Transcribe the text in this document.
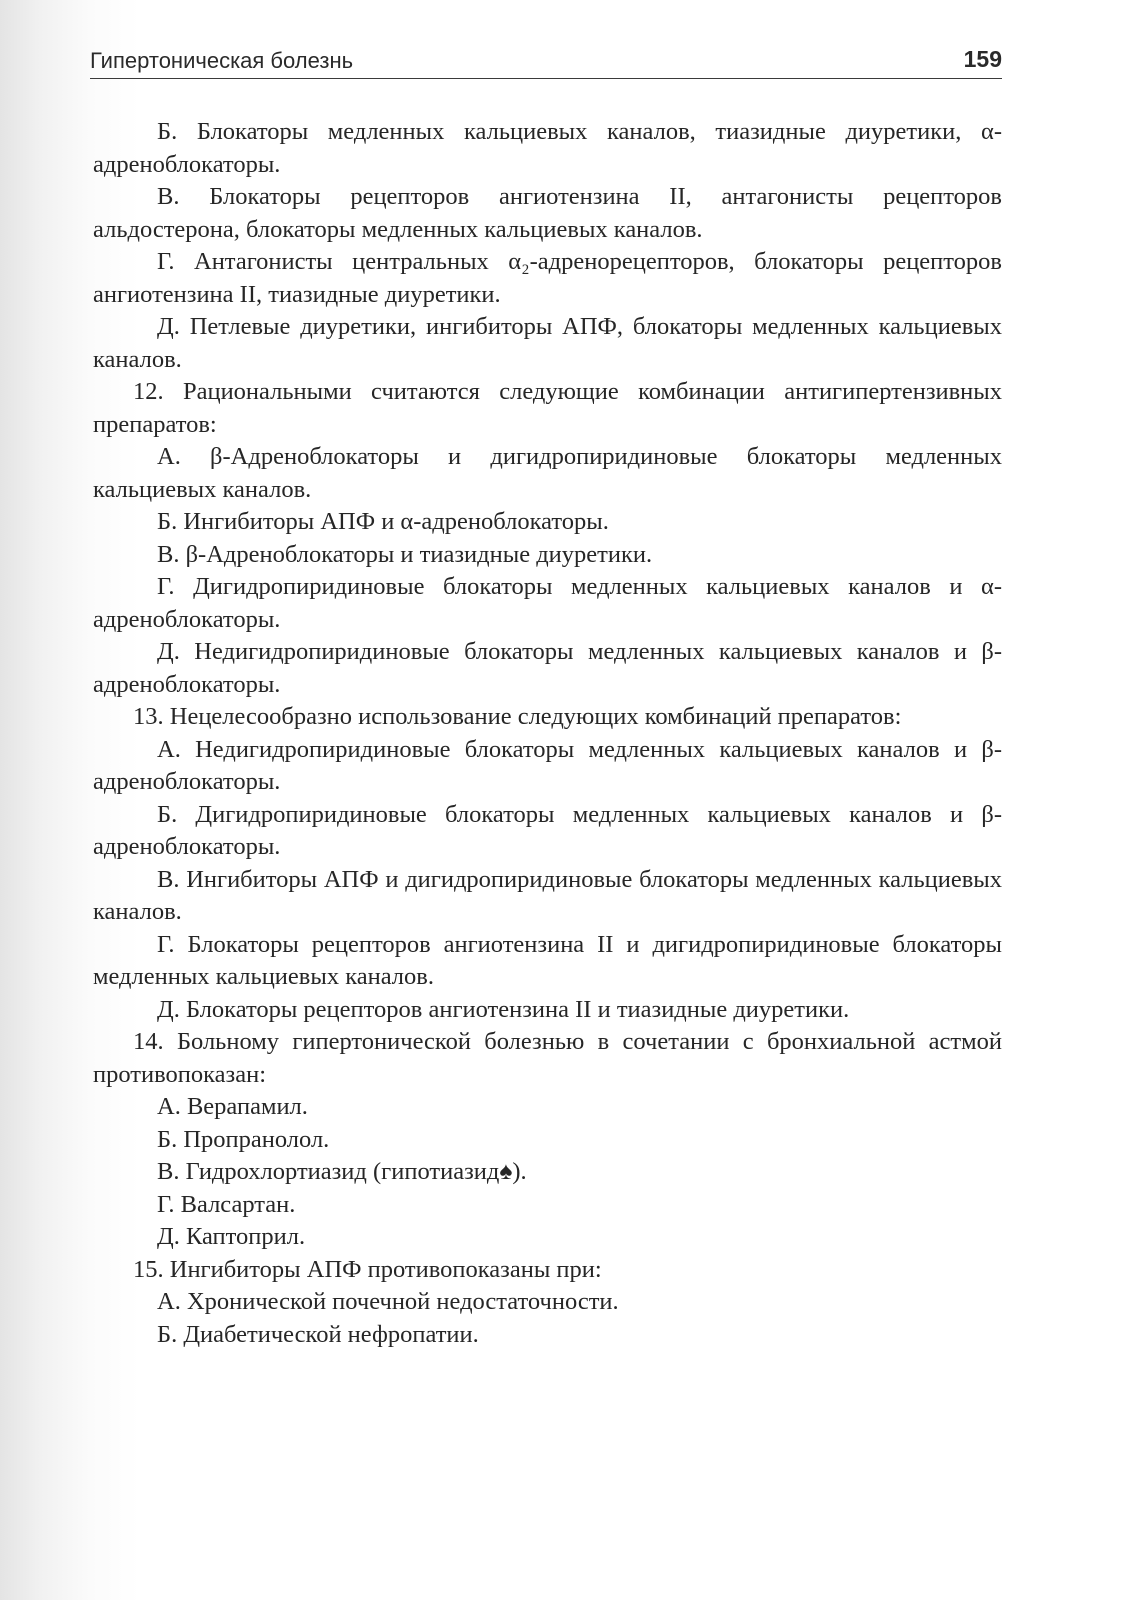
Гипертоническая болезнь	159

Б. Блокаторы медленных кальциевых каналов, тиазидные диуретики, α-адреноблокаторы.

В. Блокаторы рецепторов ангиотензина II, антагонисты рецепторов альдостерона, блокаторы медленных кальциевых каналов.

Г. Антагонисты центральных α₂-адренорецепторов, блокаторы рецепторов ангиотензина II, тиазидные диуретики.

Д. Петлевые диуретики, ингибиторы АПФ, блокаторы медленных кальциевых каналов.

12. Рациональными считаются следующие комбинации антигипертензивных препаратов:

А. β-Адреноблокаторы и дигидропиридиновые блокаторы медленных кальциевых каналов.

Б. Ингибиторы АПФ и α-адреноблокаторы.

В. β-Адреноблокаторы и тиазидные диуретики.

Г. Дигидропиридиновые блокаторы медленных кальциевых каналов и α-адреноблокаторы.

Д. Недигидропиридиновые блокаторы медленных кальциевых каналов и β-адреноблокаторы.

13. Нецелесообразно использование следующих комбинаций препаратов:

А. Недигидропиридиновые блокаторы медленных кальциевых каналов и β-адреноблокаторы.

Б. Дигидропиридиновые блокаторы медленных кальциевых каналов и β-адреноблокаторы.

В. Ингибиторы АПФ и дигидропиридиновые блокаторы медленных кальциевых каналов.

Г. Блокаторы рецепторов ангиотензина II и дигидропиридиновые блокаторы медленных кальциевых каналов.

Д. Блокаторы рецепторов ангиотензина II и тиазидные диуретики.

14. Больному гипертонической болезнью в сочетании с бронхиальной астмой противопоказан:

А. Верапамил.

Б. Пропранолол.

В. Гидрохлортиазид (гипотиазид♠).

Г. Валсартан.

Д. Каптоприл.

15. Ингибиторы АПФ противопоказаны при:

А. Хронической почечной недостаточности.

Б. Диабетической нефропатии.
